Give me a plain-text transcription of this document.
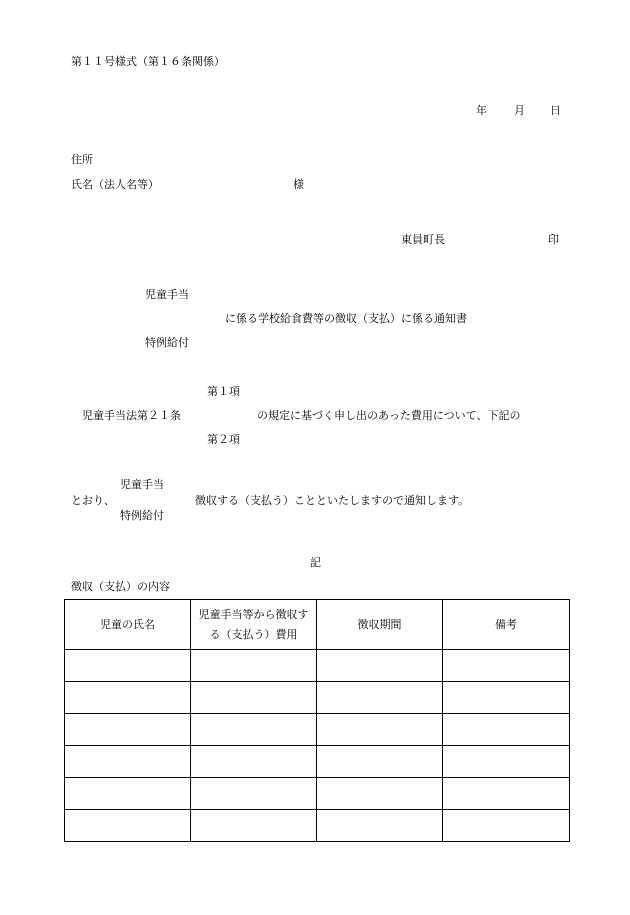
第１１号様式（第１６条関係）
年 月 日
住所
氏名（法人名等）	様
東員町長	印
児童手当
に係る学校給食費等の徴収（支払）に係る通知書
特例給付
第１項
児童手当法第２１条	の規定に基づく申し出のあった費用について、下記の
第２項
児童手当
とおり、	徴収する（支払う）ことといたしますので通知します。
特例給付
記
徴収（支払）の内容
児童の氏名	児童手当等から徴収する（支払う）費用	徴収期間	備考
